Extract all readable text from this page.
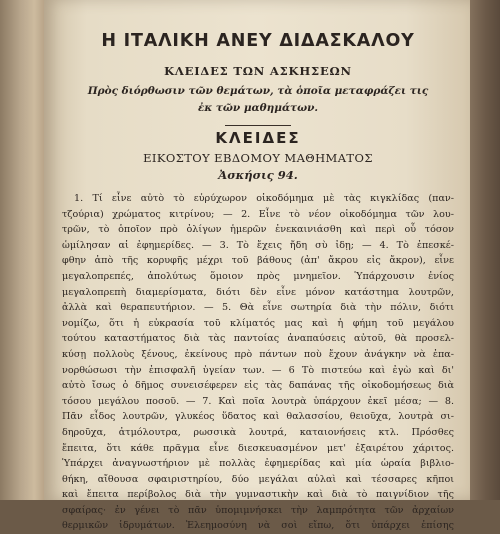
Η ΙΤΑΛΙΚΗ ΑΝΕΥ ΔΙΔΑΣΚΑΛΟΥ
ΚΛΕΙΔΕΣ ΤΩΝ ΑΣΚΗΣΕΩΝ
Πρὸς διόρθωσιν τῶν θεμάτων, τὰ ὁποῖα μεταφράζει τις
ἐκ τῶν μαθημάτων.
ΚΛΕΙΔΕΣ
ΕΙΚΟΣΤΟΥ ΕΒΔΟΜΟΥ ΜΑΘΗΜΑΤΟΣ
Ἀσκήσις 94.
1. Τί εἶνε αὐτὸ τὸ εὐρύχωρον οἰκοδόμημα μὲ τὰς κιγκλίδας (παν-
τζούρια) χρώματος κιτρίνου; — 2. Εἶνε τὸ νέον οἰκοδόμημα τῶν λου-
τρῶν, τὸ ὁποῖον πρὸ ὀλίγων ἡμερῶν ἐνεκαινιάσθη καὶ περὶ οὗ τόσον
ὡμίλησαν αἱ ἐφημερίδες. — 3. Τὸ ἔχεις ἤδη σὺ ἰδῃ; — 4. Τὸ ἐπεσκέ-
φθην ἀπὸ τῆς κορυφῆς μέχρι τοῦ βάθους (ἀπ' ἄκρου εἰς ἄκρον), εἶνε
μεγαλοπρεπές, ἀπολύτως ὅμοιον πρὸς μνημεῖον. Ὑπάρχουσιν ἐνίος
μεγαλοπρεπὴ διαμερίσματα, διότι δὲν εἶνε μόνον κατάστημα λουτρῶν,
ἀλλὰ καὶ θεραπευτήριον. — 5. Θὰ εἶνε σωτηρία διὰ τὴν πόλιν, διότι
νομίζω, ὅτι ἡ εὐκρασία τοῦ κλίματός μας καὶ ἡ φήμη τοῦ μεγάλου
τούτου καταστήματος διὰ τὰς παντοίας ἀναπαύσεις αὐτοῦ, θὰ προσελ-
κύσῃ πολλοὺς ξένους, ἐκείνους πρὸ πάντων ποὺ ἔχουν ἀνάγκην νὰ ἐπα-
νορθώσωσι τὴν ἐπισφαλῆ ὑγείαν των. — 6 Τὸ πιστεύω καὶ ἐγὼ καὶ δι'
αὐτὸ ἴσως ὁ δῆμος συνεισέφερεν εἰς τὰς δαπάνας τῆς οἰκοδομήσεως διὰ
τόσου μεγάλου ποσοῦ. — 7. Καὶ ποῖα λουτρὰ ὑπάρχουν ἐκεῖ μέσα; — 8.
Πᾶν εἶδος λουτρῶν, γλυκέος ὕδατος καὶ θαλασσίου, θειοῦχα, λουτρὰ σι-
δηροῦχα, ἀτμόλουτρα, ρωσσικὰ λουτρά, καταιονήσεις κτλ. Πρόσθες
ἔπειτα, ὅτι κάθε πρᾶγμα εἶνε διεσκευασμένον μετ' ἐξαιρέτου χάριτος.
Ὑπάρχει ἀναγνωστήριον μὲ πολλὰς ἐφημερίδας καὶ μία ὡραία βιβλιο-
θήκη, αἴθουσα σφαιριστηρίου, δύο μεγάλαι αὐλαὶ καὶ τέσσαρες κῆποι
καὶ ἔπειτα περίβολος διὰ τὴν γυμναστικὴν καὶ διὰ τὸ παιγνίδιον τῆς
σφαίρας· ἐν γένει τὸ πᾶν ὑπομιμνήσκει τὴν λαμπρότητα τῶν ἀρχαίων
θερμικῶν ἱδρυμάτων. Ἐλεημοσύνη νὰ σοὶ εἴπω, ὅτι ὑπάρχει ἐπίσης
